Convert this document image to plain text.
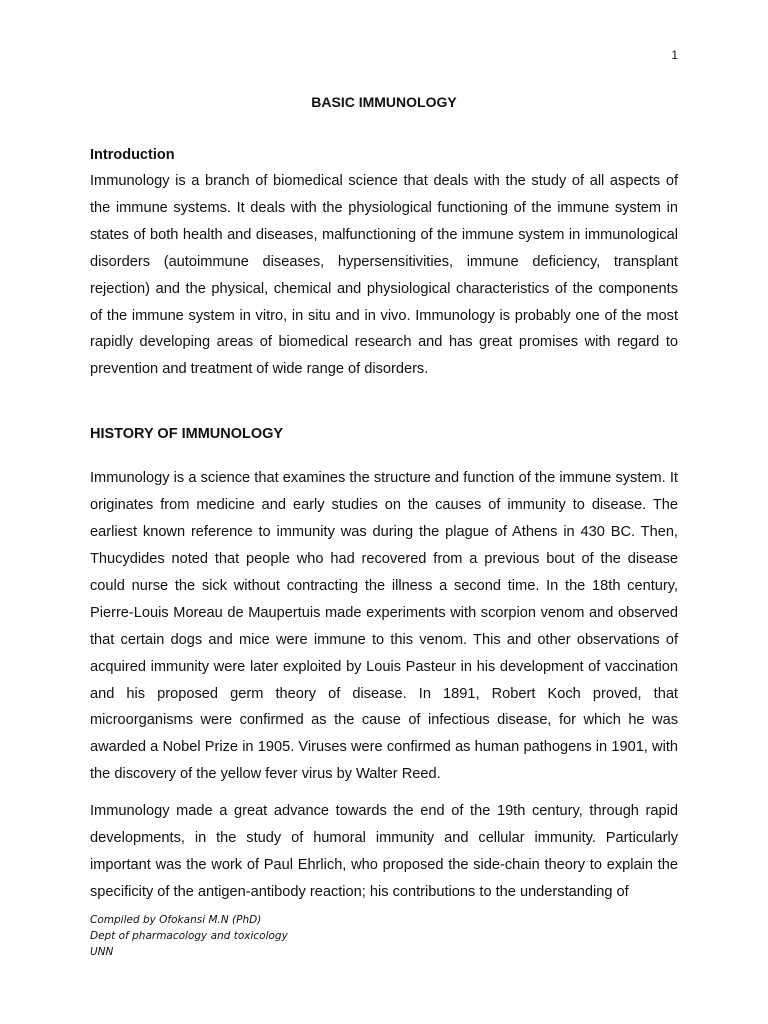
1
BASIC IMMUNOLOGY
Introduction

Immunology is a branch of biomedical science that deals with the study of all aspects of the immune systems. It deals with the physiological functioning of the immune system in states of both health and diseases, malfunctioning of the immune system in immunological disorders (autoimmune diseases, hypersensitivities, immune deficiency, transplant rejection) and the physical, chemical and physiological characteristics of the components of the immune system in vitro, in situ and in vivo. Immunology is probably one of the most rapidly developing areas of biomedical research and has great promises with regard to prevention and treatment of wide range of disorders.

HISTORY OF IMMUNOLOGY

Immunology is a science that examines the structure and function of the immune system. It originates from medicine and early studies on the causes of immunity to disease. The earliest known reference to immunity was during the plague of Athens in 430 BC. Then, Thucydides noted that people who had recovered from a previous bout of the disease could nurse the sick without contracting the illness a second time. In the 18th century, Pierre-Louis Moreau de Maupertuis made experiments with scorpion venom and observed that certain dogs and mice were immune to this venom. This and other observations of acquired immunity were later exploited by Louis Pasteur in his development of vaccination and his proposed germ theory of disease. In 1891, Robert Koch proved, that microorganisms were confirmed as the cause of infectious disease, for which he was awarded a Nobel Prize in 1905. Viruses were confirmed as human pathogens in 1901, with the discovery of the yellow fever virus by Walter Reed.

Immunology made a great advance towards the end of the 19th century, through rapid developments, in the study of humoral immunity and cellular immunity. Particularly important was the work of Paul Ehrlich, who proposed the side-chain theory to explain the specificity of the antigen-antibody reaction; his contributions to the understanding of

Compiled by Ofokansi M.N (PhD)
Dept of pharmacology and toxicology
UNN
